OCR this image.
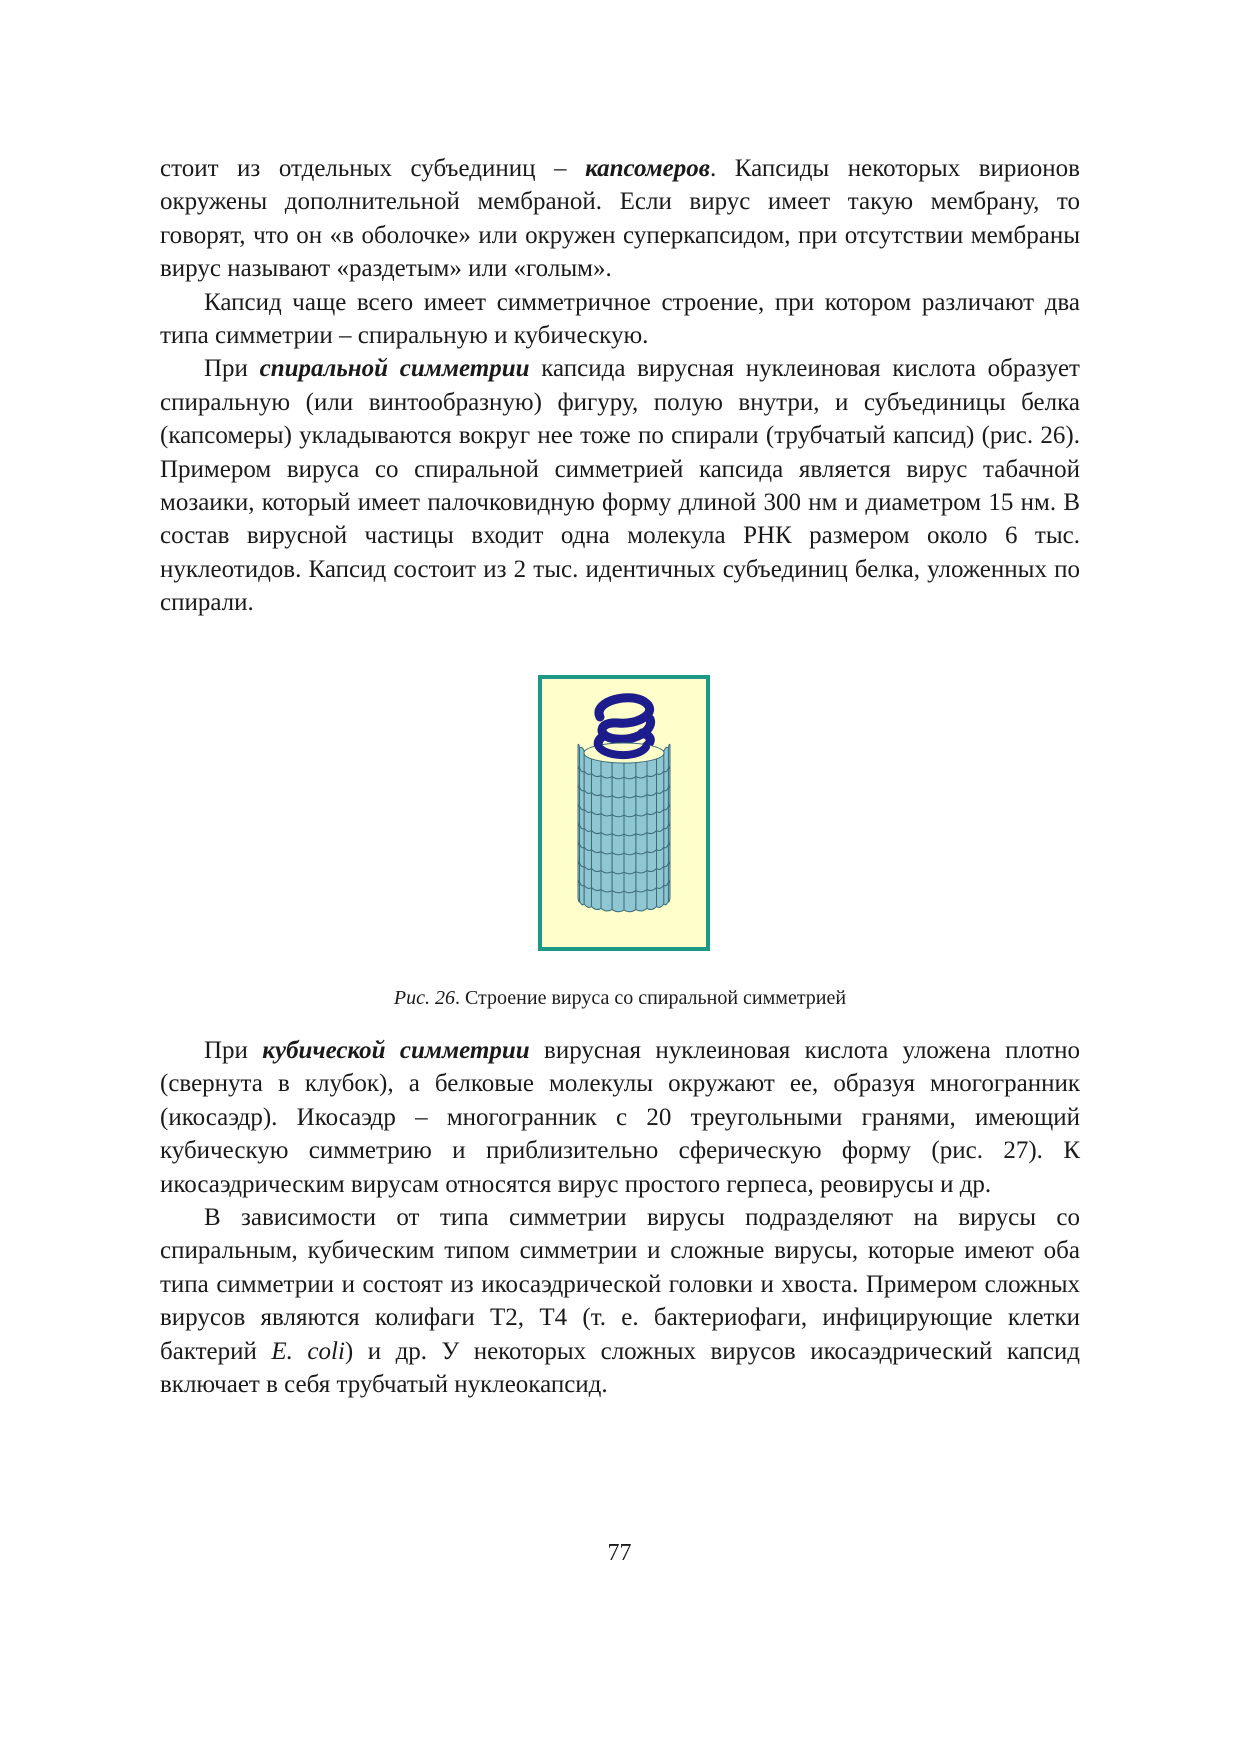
стоит из отдельных субъединиц – капсомеров. Капсиды некоторых вирионов окружены дополнительной мембраной. Если вирус имеет такую мембрану, то говорят, что он «в оболочке» или окружен суперкапсидом, при отсутствии мембраны вирус называют «раздетым» или «голым».

Капсид чаще всего имеет симметричное строение, при котором различают два типа симметрии – спиральную и кубическую.

При спиральной симметрии капсида вирусная нуклеиновая кислота образует спиральную (или винтообразную) фигуру, полую внутри, и субъединицы белка (капсомеры) укладываются вокруг нее тоже по спирали (трубчатый капсид) (рис. 26). Примером вируса со спиральной симметрией капсида является вирус табачной мозаики, который имеет палочковидную форму длиной 300 нм и диаметром 15 нм. В состав вирусной частицы входит одна молекула РНК размером около 6 тыс. нуклеотидов. Капсид состоит из 2 тыс. идентичных субъединиц белка, уложенных по спирали.

Рис. 26. Строение вируса со спиральной симметрией

При кубической симметрии вирусная нуклеиновая кислота уложена плотно (свернута в клубок), а белковые молекулы окружают ее, образуя многогранник (икосаэдр). Икосаэдр – многогранник с 20 треугольными гранями, имеющий кубическую симметрию и приблизительно сферическую форму (рис. 27). К икосаэдрическим вирусам относятся вирус простого герпеса, реовирусы и др.

В зависимости от типа симметрии вирусы подразделяют на вирусы со спиральным, кубическим типом симметрии и сложные вирусы, которые имеют оба типа симметрии и состоят из икосаэдрической головки и хвоста. Примером сложных вирусов являются колифаги Т2, Т4 (т. е. бактериофаги, инфицирующие клетки бактерий E. coli) и др. У некоторых сложных вирусов икосаэдрический капсид включает в себя трубчатый нуклеокапсид.

77
